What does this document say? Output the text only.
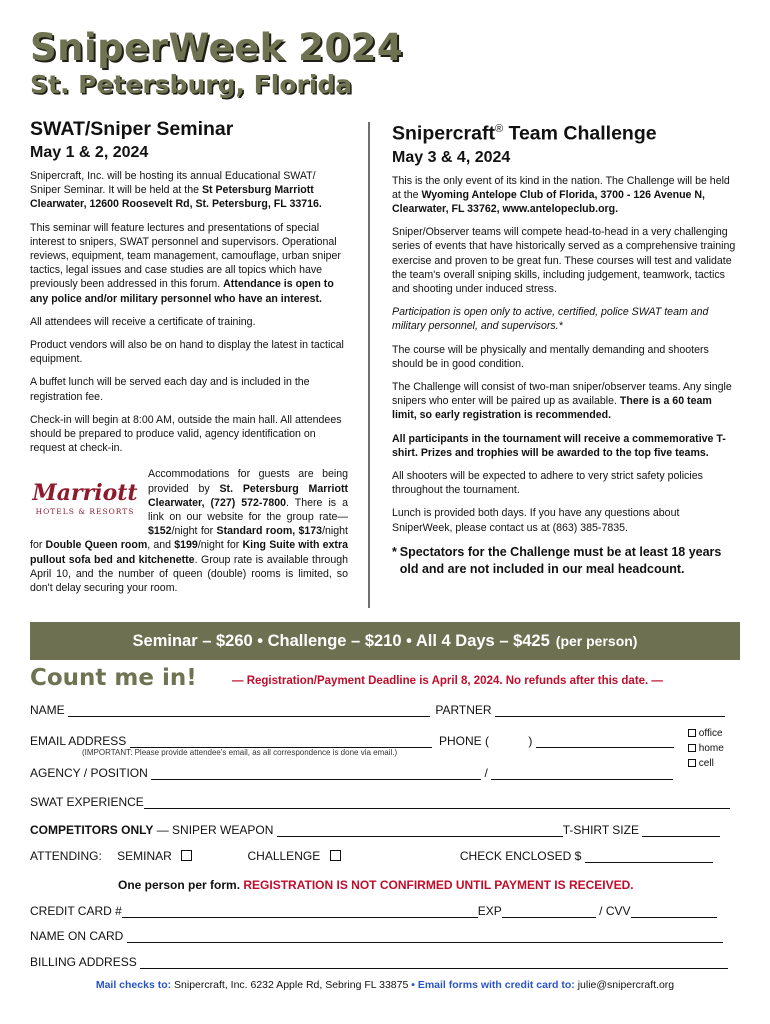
SniperWeek 2024
St. Petersburg, Florida
SWAT/Sniper Seminar
May 1 & 2, 2024

Snipercraft, Inc. will be hosting its annual Educational SWAT/ Sniper Seminar. It will be held at the St Petersburg Marriott Clearwater, 12600 Roosevelt Rd, St. Petersburg, FL 33716.

This seminar will feature lectures and presentations of special interest to snipers, SWAT personnel and supervisors. Operational reviews, equipment, team management, camouflage, urban sniper tactics, legal issues and case studies are all topics which have previously been addressed in this forum. Attendance is open to any police and/or military personnel who have an interest.

All attendees will receive a certificate of training.

Product vendors will also be on hand to display the latest in tactical equipment.

A buffet lunch will be served each day and is included in the registration fee.

Check-in will begin at 8:00 AM, outside the main hall. All attendees should be prepared to produce valid, agency identification on request at check-in.

Marriott
HOTELS & RESORTS

Accommodations for guests are being provided by St. Petersburg Marriott Clearwater, (727) 572-7800. There is a link on our website for the group rate—$152/night for Standard room, $173/night for Double Queen room, and $199/night for King Suite with extra pullout sofa bed and kitchenette. Group rate is available through April 10, and the number of queen (double) rooms is limited, so don't delay securing your room.

Snipercraft® Team Challenge
May 3 & 4, 2024

This is the only event of its kind in the nation. The Challenge will be held at the Wyoming Antelope Club of Florida, 3700 - 126 Avenue N, Clearwater, FL 33762, www.antelopeclub.org.

Sniper/Observer teams will compete head-to-head in a very challenging series of events that have historically served as a comprehensive training exercise and proven to be great fun. These courses will test and validate the team's overall sniping skills, including judgement, teamwork, tactics and shooting under induced stress.

Participation is open only to active, certified, police SWAT team and military personnel, and supervisors.*

The course will be physically and mentally demanding and shooters should be in good condition.

The Challenge will consist of two-man sniper/observer teams. Any single snipers who enter will be paired up as available. There is a 60 team limit, so early registration is recommended.

All participants in the tournament will receive a commemorative T-shirt. Prizes and trophies will be awarded to the top five teams.

All shooters will be expected to adhere to very strict safety policies throughout the tournament.

Lunch is provided both days. If you have any questions about SniperWeek, please contact us at (863) 385-7835.

* Spectators for the Challenge must be at least 18 years old and are not included in our meal headcount.
Seminar – $260 • Challenge – $210 • All 4 Days – $425 (per person)
Count me in!	— Registration/Payment Deadline is April 8, 2024. No refunds after this date. —
NAME	PARTNER
EMAIL ADDRESS	PHONE (	)
(IMPORTANT: Please provide attendee's email, as all correspondence is done via email.)
office
home
cell
AGENCY / POSITION	/
SWAT EXPERIENCE
COMPETITORS ONLY — SNIPER WEAPON	T-SHIRT SIZE
ATTENDING: SEMINAR	CHALLENGE	CHECK ENCLOSED $
One person per form. REGISTRATION IS NOT CONFIRMED UNTIL PAYMENT IS RECEIVED.
CREDIT CARD #	EXP	/ CVV
NAME ON CARD
BILLING ADDRESS
Mail checks to: Snipercraft, Inc. 6232 Apple Rd, Sebring FL 33875 • Email forms with credit card to: julie@snipercraft.org
